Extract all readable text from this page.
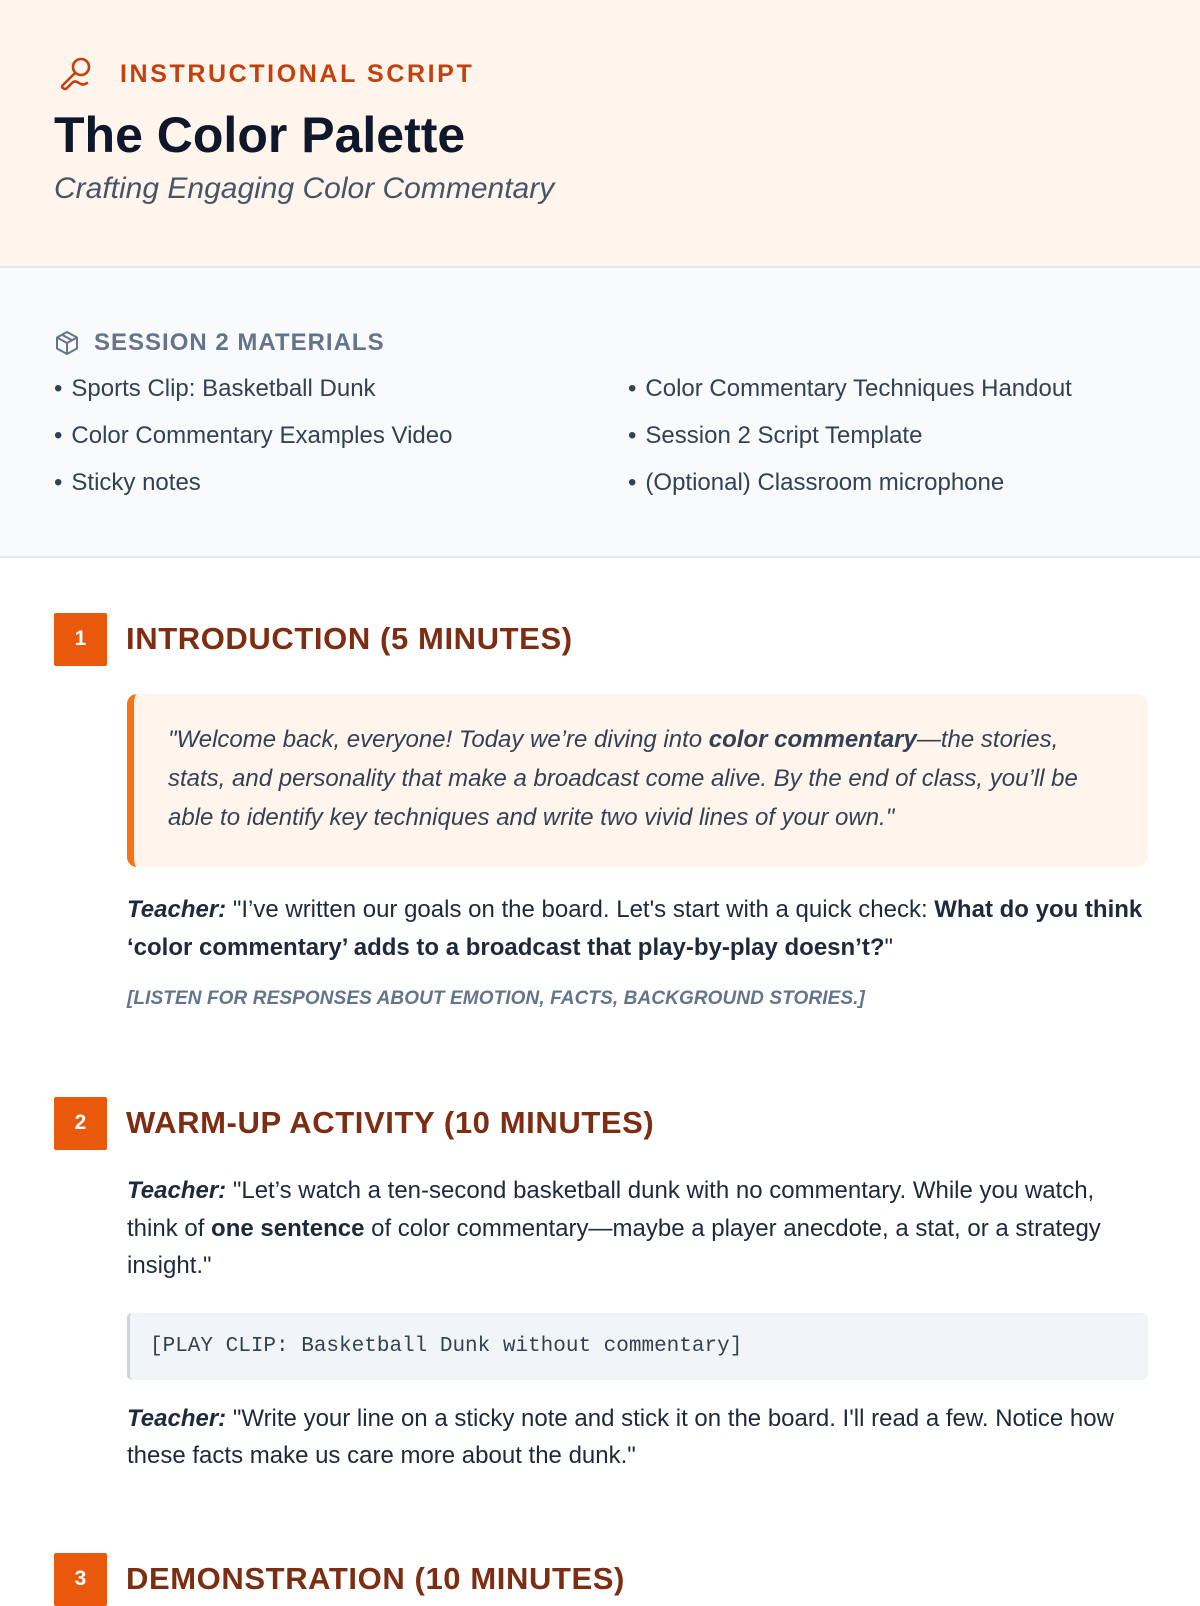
INSTRUCTIONAL SCRIPT
The Color Palette
Crafting Engaging Color Commentary
SESSION 2 MATERIALS
• Sports Clip: Basketball Dunk	• Color Commentary Techniques Handout
• Color Commentary Examples Video	• Session 2 Script Template
• Sticky notes	• (Optional) Classroom microphone
1	INTRODUCTION (5 MINUTES)
"Welcome back, everyone! Today we’re diving into color commentary—the stories, stats, and personality that make a broadcast come alive. By the end of class, you’ll be able to identify key techniques and write two vivid lines of your own."

Teacher: "I’ve written our goals on the board. Let's start with a quick check: What do you think ‘color commentary’ adds to a broadcast that play-by-play doesn’t?"

[LISTEN FOR RESPONSES ABOUT EMOTION, FACTS, BACKGROUND STORIES.]

2	WARM-UP ACTIVITY (10 MINUTES)

Teacher: "Let’s watch a ten-second basketball dunk with no commentary. While you watch, think of one sentence of color commentary—maybe a player anecdote, a stat, or a strategy insight."

[PLAY CLIP: Basketball Dunk without commentary]

Teacher: "Write your line on a sticky note and stick it on the board. I'll read a few. Notice how these facts make us care more about the dunk."

3	DEMONSTRATION (10 MINUTES)
